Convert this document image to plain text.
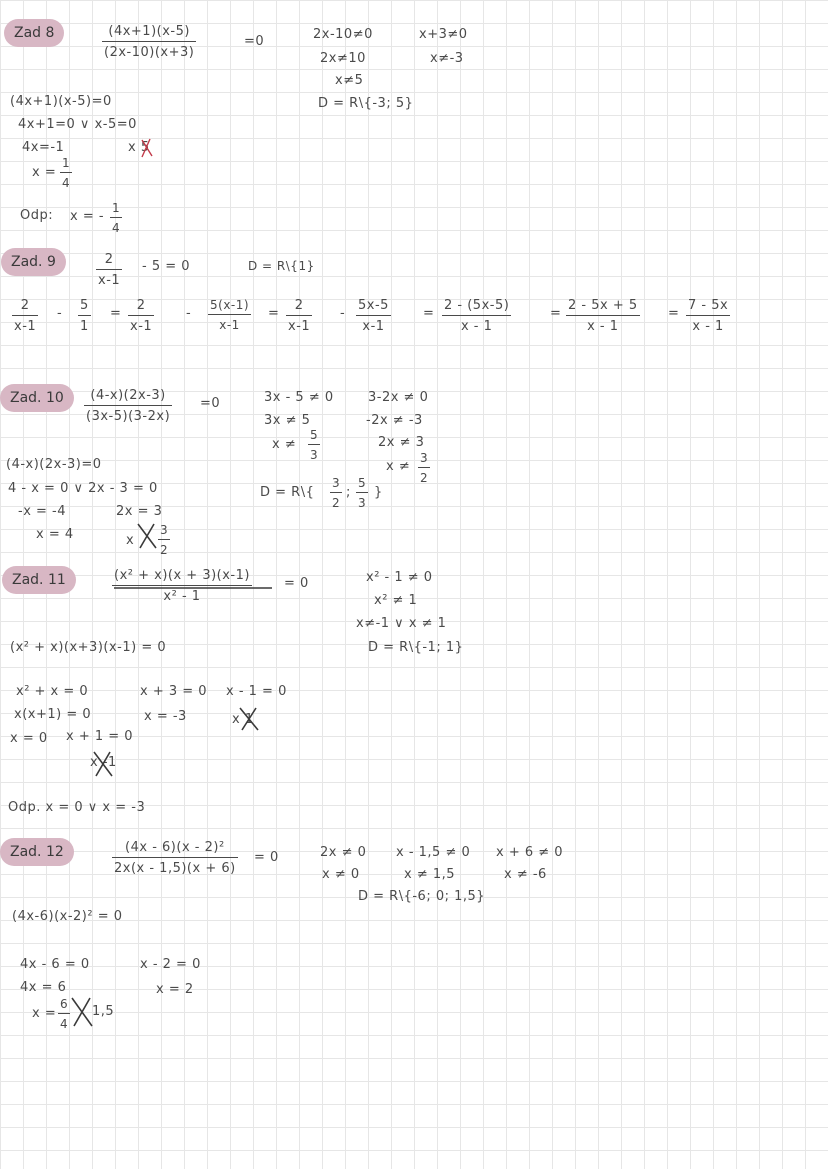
Zad 8	$\frac{(4x+1)(x-5)}{(2x-10)(x+3)}$	=0	2x-10≠0	x+3≠0
2x≠10	x≠-3
x≠5
D = R\{-3; 5}
(4x+1)(x-5)=0
4x+1=0 ∨ x-5=0
4x=-1	x 5
$x = \frac{1}{4}$
Odp: x = - $\frac{1}{4}$
Zad. 9	$\frac{2}{x-1} - 5 = 0$	D = R\{1}
$\frac{2}{x-1} - \frac{5}{1} = \frac{2}{x-1} - \frac{5(x-1)}{x-1} = \frac{2}{x-1} - \frac{5x-5}{x-1} = \frac{2 - (5x-5)}{x - 1}$	= $\frac{2 - 5x + 5}{x - 1} = \frac{7 - 5x}{x - 1}$
Zad. 10	$\frac{(4-x)(2x-3)}{(3x-5)(3-2x)} =0$	3x - 5 ≠ 0	3-2x ≠ 0
3x ≠ 5	-2x ≠ -3
$x \ne \frac{5}{3}$	2x ≠ 3
$x \ne \frac{3}{2}$
D = R\{ $\frac{3}{2}$ ; $\frac{5}{3}$ }
(4-x)(2x-3)=0
4 - x = 0 ∨ 2x - 3 = 0
-x = -4	2x = 3
x = 4	x $\frac{3}{2}$
Zad. 11	$\frac{\text{(x² + x)(x + 3)(x-1)}}{\text{x² - 1}} = 0$	x² - 1 ≠ 0
x² ≠ 1
x≠-1 ∨ x ≠ 1
D = R\{-1; 1}
(x² + x)(x+3)(x-1) = 0
x² + x = 0	x + 3 = 0 x - 1 = 0
x(x+1) = 0	x = -3	x 1
x = 0 x + 1 = 0
x -1
Odp. x = 0 ∨ x = -3
Zad. 12	$\frac{\text{(4x - 6)(x - 2)²}}{2x(x - 1,5)(x + 6)} = 0$	2x ≠ 0 x - 1,5 ≠ 0 x + 6 ≠ 0
x ≠ 0	x ≠ 1,5	x ≠ -6
D = R\{-6; 0; 1,5}
(4x-6)(x-2)² = 0
4x - 6 = 0	x - 2 = 0
4x = 6	x = 2
$x = \frac{6}{4} 1,5$
